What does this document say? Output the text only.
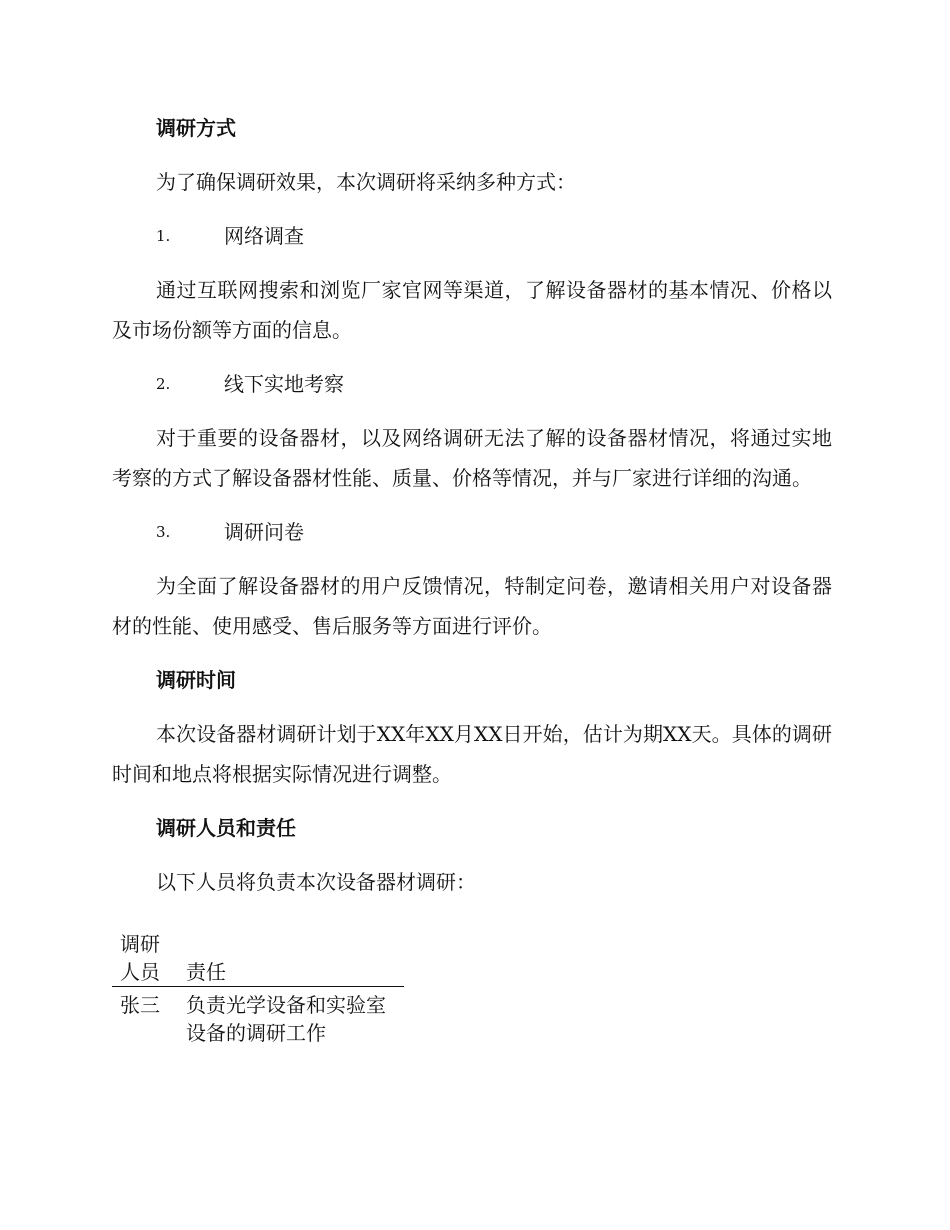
调研方式
为了确保调研效果，本次调研将采纳多种方式：
1.	网络调查
通过互联网搜索和浏览厂家官网等渠道，了解设备器材的基本情况、价格以及市场份额等方面的信息。
2.	线下实地考察
对于重要的设备器材，以及网络调研无法了解的设备器材情况，将通过实地考察的方式了解设备器材性能、质量、价格等情况，并与厂家进行详细的沟通。
3.	调研问卷
为全面了解设备器材的用户反馈情况，特制定问卷，邀请相关用户对设备器材的性能、使用感受、售后服务等方面进行评价。
调研时间
本次设备器材调研计划于XX年XX月XX日开始，估计为期XX天。具体的调研时间和地点将根据实际情况进行调整。
调研人员和责任
以下人员将负责本次设备器材调研：
调研人员	责任
张三	负责光学设备和实验室设备的调研工作
